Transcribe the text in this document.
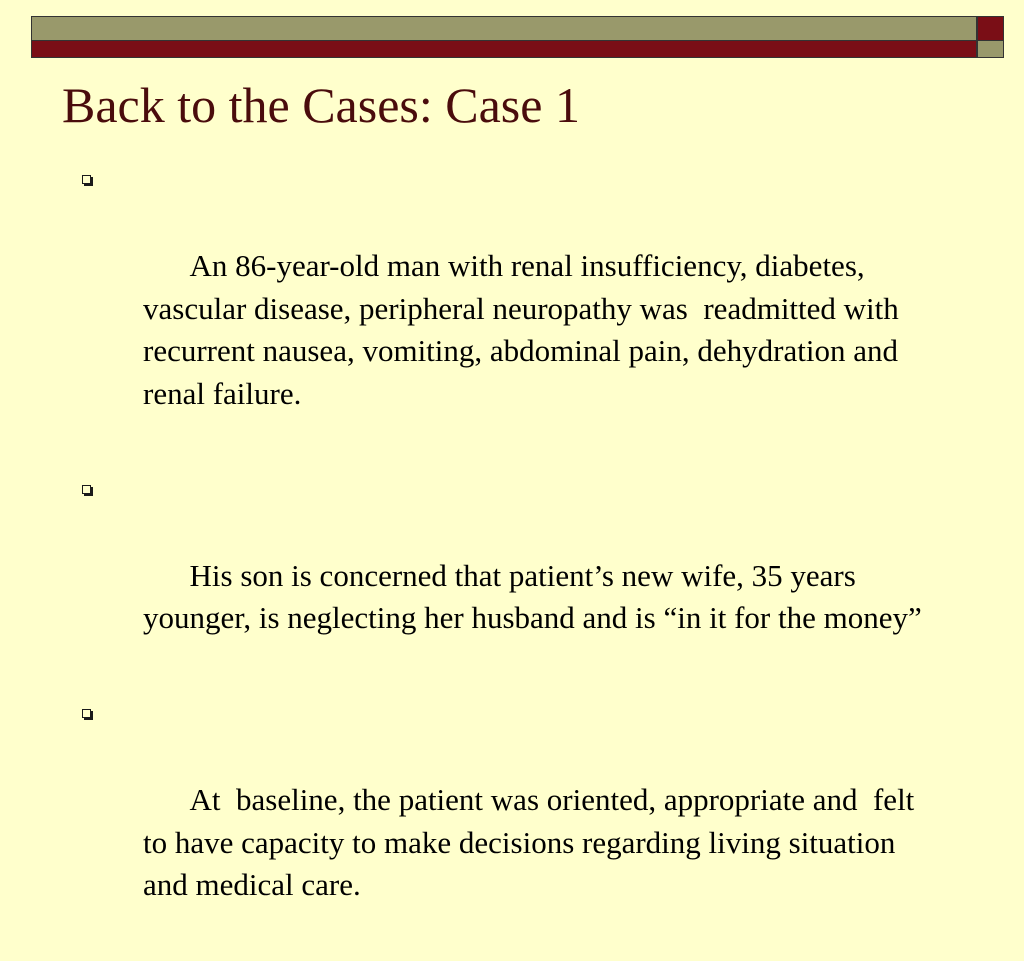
Back to the Cases: Case 1

An 86-year-old man with renal insufficiency, diabetes, vascular disease, peripheral neuropathy was  readmitted with recurrent nausea, vomiting, abdominal pain, dehydration and renal failure.

His son is concerned that patient’s new wife, 35 years younger, is neglecting her husband and is “in it for the money”

At  baseline, the patient was oriented, appropriate and  felt to have capacity to make decisions regarding living situation and medical care.
